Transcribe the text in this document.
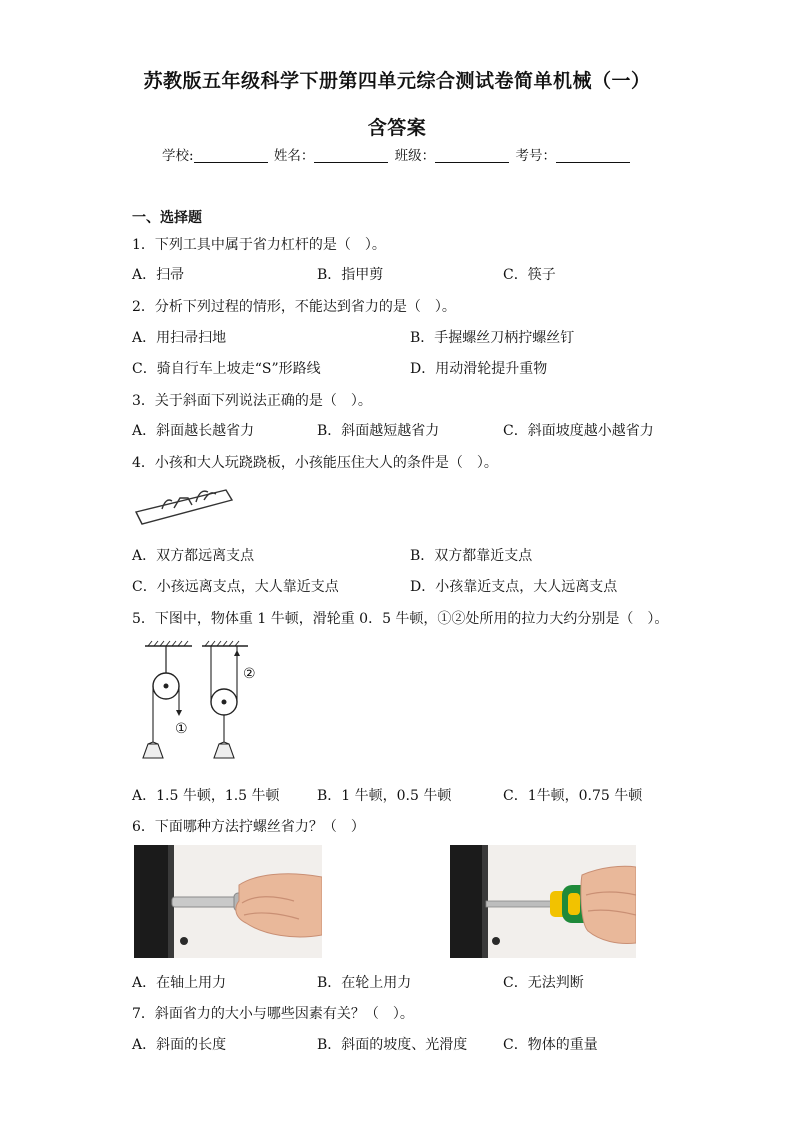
苏教版五年级科学下册第四单元综合测试卷简单机械（一）
含答案
学校:	姓名：	班级：	考号：
一、选择题
1．下列工具中属于省力杠杆的是（　）。
A．扫帚	B．指甲剪	C．筷子
2．分析下列过程的情形，不能达到省力的是（　）。
A．用扫帚扫地	B．手握螺丝刀柄拧螺丝钉
C．骑自行车上坡走“S”形路线	D．用动滑轮提升重物
3．关于斜面下列说法正确的是（　）。
A．斜面越长越省力	B．斜面越短越省力	C．斜面坡度越小越省力
4．小孩和大人玩跷跷板，小孩能压住大人的条件是（　）。
A．双方都远离支点	B．双方都靠近支点
C．小孩远离支点，大人靠近支点	D．小孩靠近支点，大人远离支点
5．下图中，物体重 1 牛顿，滑轮重 0．5 牛顿，①②处所用的拉力大约分别是（　）。
①
②
A．1.5 牛顿，1.5 牛顿	B．1 牛顿，0.5 牛顿	C．1牛顿，0.75 牛顿
6．下面哪种方法拧螺丝省力？（　）
A．在轴上用力	B．在轮上用力	C．无法判断
7．斜面省力的大小与哪些因素有关？（　）。
A．斜面的长度	B．斜面的坡度、光滑度	C．物体的重量
